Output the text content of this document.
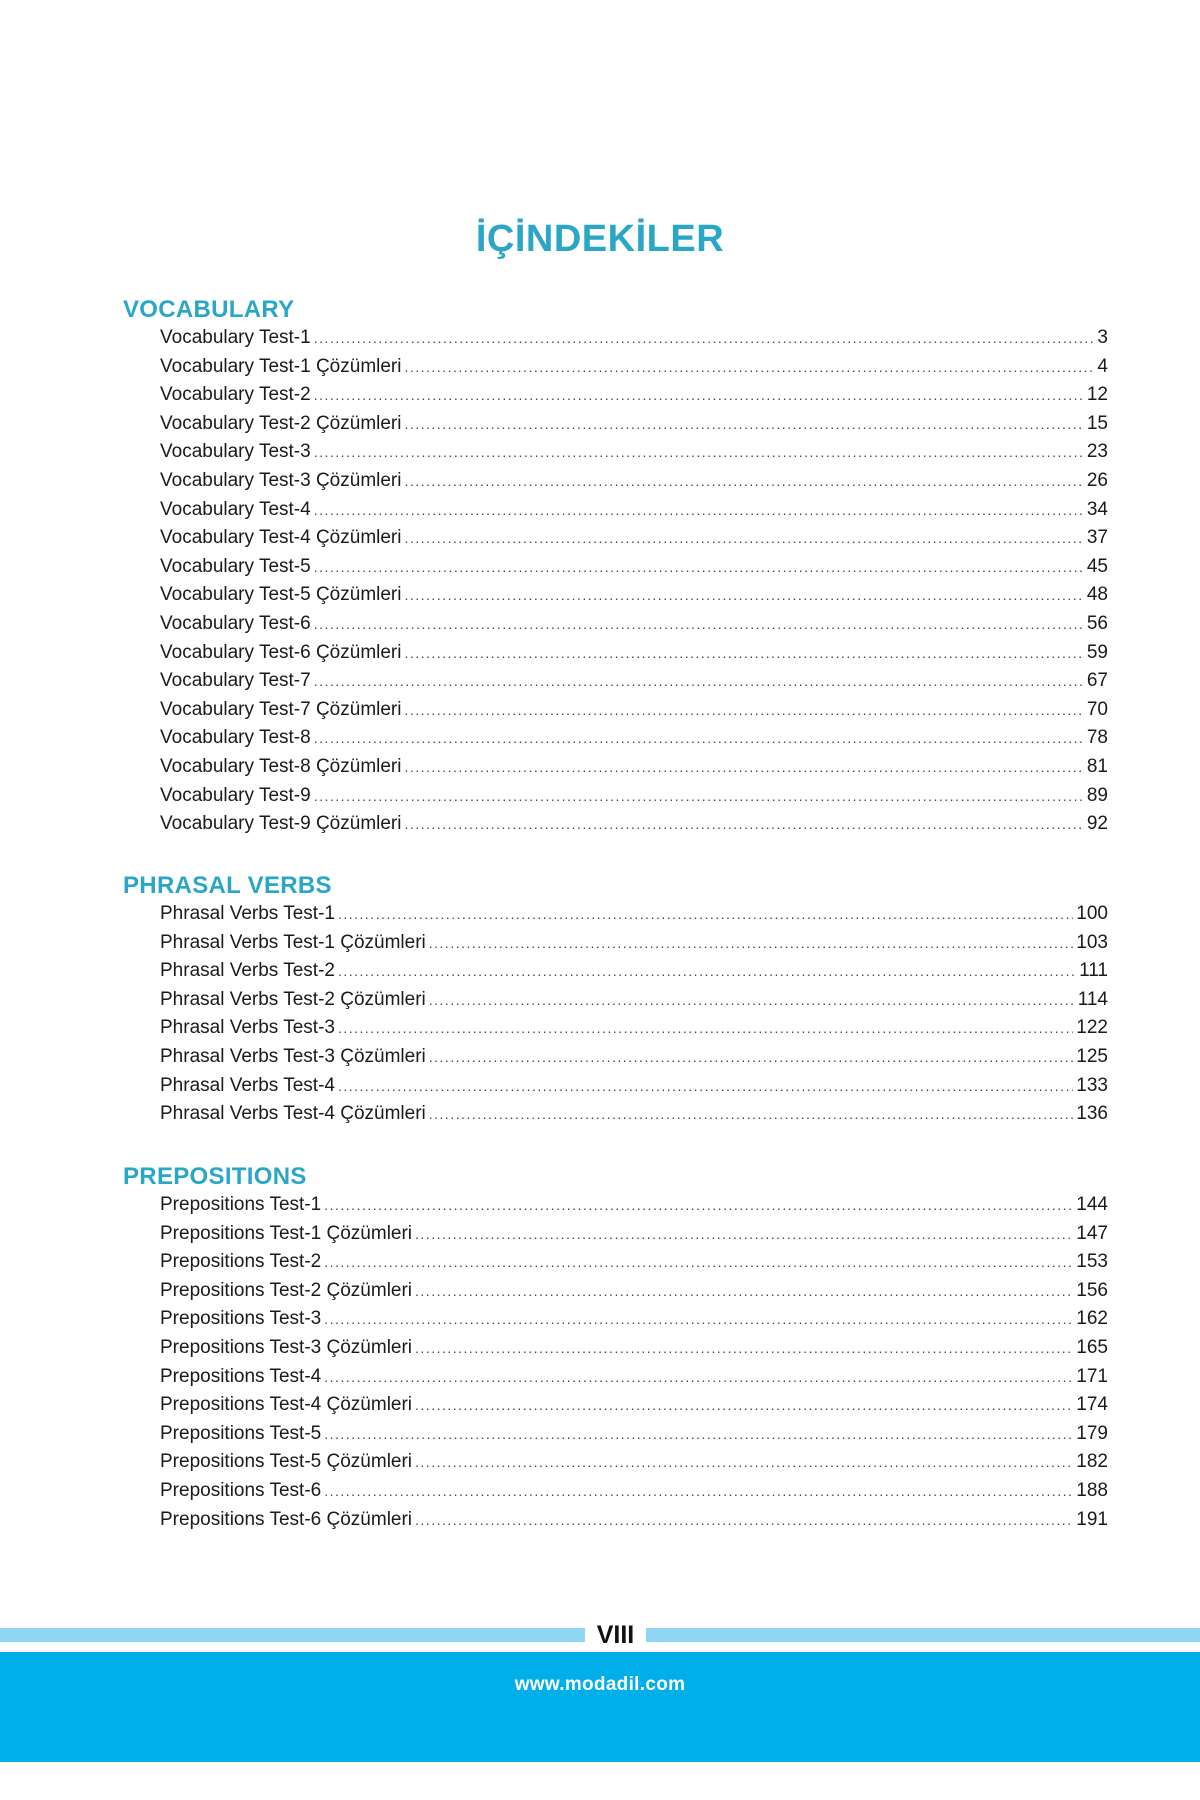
İÇİNDEKİLER
VOCABULARY
Vocabulary Test-1 .....	3
Vocabulary Test-1 Çözümleri .....	4
Vocabulary Test-2 .....	12
Vocabulary Test-2 Çözümleri .....	15
Vocabulary Test-3 .....	23
Vocabulary Test-3 Çözümleri .....	26
Vocabulary Test-4 .....	34
Vocabulary Test-4 Çözümleri .....	37
Vocabulary Test-5 .....	45
Vocabulary Test-5 Çözümleri .....	48
Vocabulary Test-6 .....	56
Vocabulary Test-6 Çözümleri .....	59
Vocabulary Test-7 .....	67
Vocabulary Test-7 Çözümleri .....	70
Vocabulary Test-8 .....	78
Vocabulary Test-8 Çözümleri .....	81
Vocabulary Test-9 .....	89
Vocabulary Test-9 Çözümleri .....	92
PHRASAL VERBS
Phrasal Verbs Test-1 .....	100
Phrasal Verbs Test-1 Çözümleri .....	103
Phrasal Verbs Test-2 .....	111
Phrasal Verbs Test-2 Çözümleri .....	114
Phrasal Verbs Test-3 .....	122
Phrasal Verbs Test-3 Çözümleri .....	125
Phrasal Verbs Test-4 .....	133
Phrasal Verbs Test-4 Çözümleri .....	136
PREPOSITIONS
Prepositions Test-1 .....	144
Prepositions Test-1 Çözümleri .....	147
Prepositions Test-2 .....	153
Prepositions Test-2 Çözümleri .....	156
Prepositions Test-3 .....	162
Prepositions Test-3 Çözümleri .....	165
Prepositions Test-4 .....	171
Prepositions Test-4 Çözümleri .....	174
Prepositions Test-5 .....	179
Prepositions Test-5 Çözümleri .....	182
Prepositions Test-6 .....	188
Prepositions Test-6 Çözümleri .....	191
VIII
www.modadil.com
